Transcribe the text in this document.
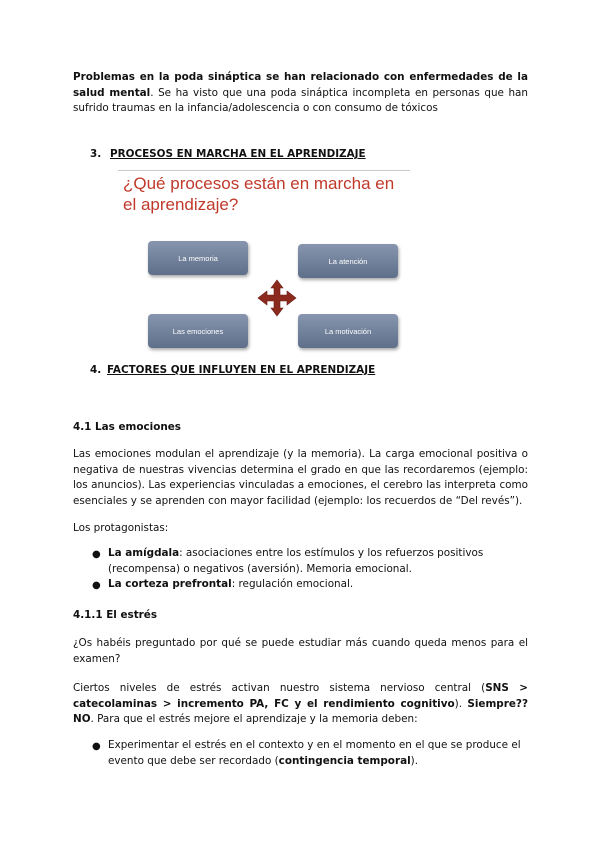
Problemas en la poda sináptica se han relacionado con enfermedades de la salud mental. Se ha visto que una poda sináptica incompleta en personas que han sufrido traumas en la infancia/adolescencia o con consumo de tóxicos

3. PROCESOS EN MARCHA EN EL APRENDIZAJE
¿Qué procesos están en marcha en el aprendizaje?
La memoria	La atención
Las emociones	La motivación
4. FACTORES QUE INFLUYEN EN EL APRENDIZAJE
4.1 Las emociones

Las emociones modulan el aprendizaje (y la memoria). La carga emocional positiva o negativa de nuestras vivencias determina el grado en que las recordaremos (ejemplo: los anuncios). Las experiencias vinculadas a emociones, el cerebro las interpreta como esenciales y se aprenden con mayor facilidad (ejemplo: los recuerdos de “Del revés”).

Los protagonistas:

● La amígdala: asociaciones entre los estímulos y los refuerzos positivos (recompensa) o negativos (aversión). Memoria emocional.

● La corteza prefrontal: regulación emocional.

4.1.1 El estrés

¿Os habéis preguntado por qué se puede estudiar más cuando queda menos para el examen?

Ciertos niveles de estrés activan nuestro sistema nervioso central (SNS > catecolaminas > incremento PA, FC y el rendimiento cognitivo). Siempre?? NO. Para que el estrés mejore el aprendizaje y la memoria deben:

● Experimentar el estrés en el contexto y en el momento en el que se produce el evento que debe ser recordado (contingencia temporal).
